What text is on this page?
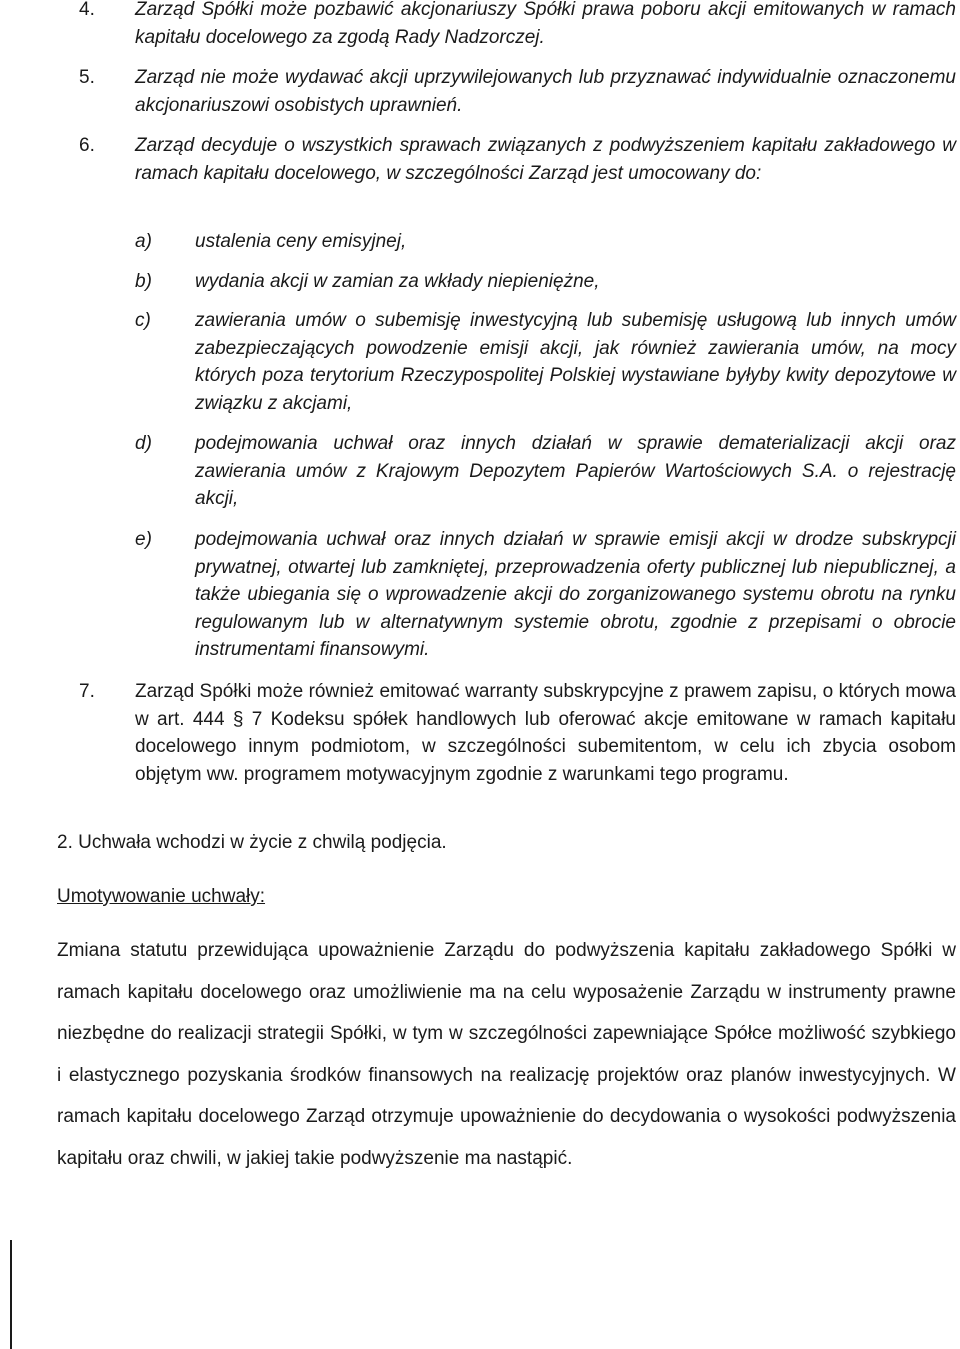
4. Zarząd Spółki może pozbawić akcjonariuszy Spółki prawa poboru akcji emitowanych w ramach kapitału docelowego za zgodą Rady Nadzorczej.
5. Zarząd nie może wydawać akcji uprzywilejowanych lub przyznawać indywidualnie oznaczonemu akcjonariuszowi osobistych uprawnień.
6. Zarząd decyduje o wszystkich sprawach związanych z podwyższeniem kapitału zakładowego w ramach kapitału docelowego, w szczególności Zarząd jest umocowany do:
a) ustalenia ceny emisyjnej,
b) wydania akcji w zamian za wkłady niepieniężne,
c) zawierania umów o subemisję inwestycyjną lub subemisję usługową lub innych umów zabezpieczających powodzenie emisji akcji, jak również zawierania umów, na mocy których poza terytorium Rzeczypospolitej Polskiej wystawiane byłyby kwity depozytowe w związku z akcjami,
d) podejmowania uchwał oraz innych działań w sprawie dematerializacji akcji oraz zawierania umów z Krajowym Depozytem Papierów Wartościowych S.A. o rejestrację akcji,
e) podejmowania uchwał oraz innych działań w sprawie emisji akcji w drodze subskrypcji prywatnej, otwartej lub zamkniętej, przeprowadzenia oferty publicznej lub niepublicznej, a także ubiegania się o wprowadzenie akcji do zorganizowanego systemu obrotu na rynku regulowanym lub w alternatywnym systemie obrotu, zgodnie z przepisami o obrocie instrumentami finansowymi.
7. Zarząd Spółki może również emitować warranty subskrypcyjne z prawem zapisu, o których mowa w art. 444 § 7 Kodeksu spółek handlowych lub oferować akcje emitowane w ramach kapitału docelowego innym podmiotom, w szczególności subemitentom, w celu ich zbycia osobom objętym ww. programem motywacyjnym zgodnie z warunkami tego programu.
2. Uchwała wchodzi w życie z chwilą podjęcia.
Umotywowanie uchwały:
Zmiana statutu przewidująca upoważnienie Zarządu do podwyższenia kapitału zakładowego Spółki w ramach kapitału docelowego oraz umożliwienie ma na celu wyposażenie Zarządu w instrumenty prawne niezbędne do realizacji strategii Spółki, w tym w szczególności zapewniające Spółce możliwość szybkiego i elastycznego pozyskania środków finansowych na realizację projektów oraz planów inwestycyjnych. W ramach kapitału docelowego Zarząd otrzymuje upoważnienie do decydowania o wysokości podwyższenia kapitału oraz chwili, w jakiej takie podwyższenie ma nastąpić.
